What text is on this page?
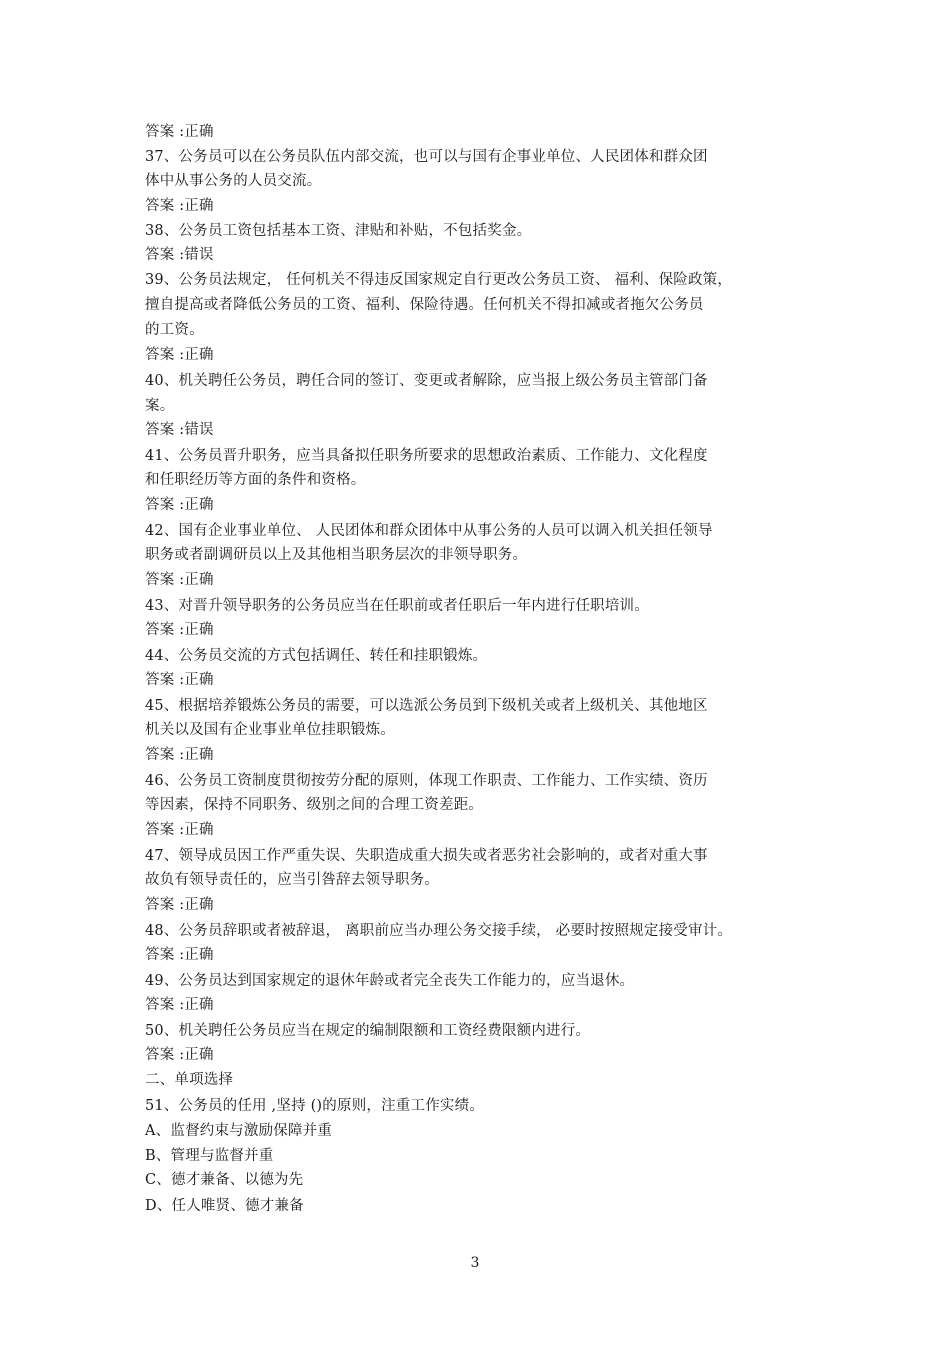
答案 :正确
37、公务员可以在公务员队伍内部交流，也可以与国有企事业单位、人民团体和群众团
体中从事公务的人员交流。
答案 :正确
38、公务员工资包括基本工资、津贴和补贴，不包括奖金。
答案 :错误
39、公务员法规定， 任何机关不得违反国家规定自行更改公务员工资、 福利、保险政策，
擅自提高或者降低公务员的工资、福利、保险待遇。任何机关不得扣减或者拖欠公务员
的工资。
答案 :正确
40、机关聘任公务员，聘任合同的签订、变更或者解除，应当报上级公务员主管部门备
案。
答案 :错误
41、公务员晋升职务，应当具备拟任职务所要求的思想政治素质、工作能力、文化程度
和任职经历等方面的条件和资格。
答案 :正确
42、国有企业事业单位、 人民团体和群众团体中从事公务的人员可以调入机关担任领导
职务或者副调研员以上及其他相当职务层次的非领导职务。
答案 :正确
43、对晋升领导职务的公务员应当在任职前或者任职后一年内进行任职培训。
答案 :正确
44、公务员交流的方式包括调任、转任和挂职锻炼。
答案 :正确
45、根据培养锻炼公务员的需要，可以选派公务员到下级机关或者上级机关、其他地区
机关以及国有企业事业单位挂职锻炼。
答案 :正确
46、公务员工资制度贯彻按劳分配的原则，体现工作职责、工作能力、工作实绩、资历
等因素，保持不同职务、级别之间的合理工资差距。
答案 :正确
47、领导成员因工作严重失误、失职造成重大损失或者恶劣社会影响的，或者对重大事
故负有领导责任的，应当引咎辞去领导职务。
答案 :正确
48、公务员辞职或者被辞退， 离职前应当办理公务交接手续， 必要时按照规定接受审计。
答案 :正确
49、公务员达到国家规定的退休年龄或者完全丧失工作能力的，应当退休。
答案 :正确
50、机关聘任公务员应当在规定的编制限额和工资经费限额内进行。
答案 :正确
二、单项选择
51、公务员的任用 ,坚持 ()的原则，注重工作实绩。
A、监督约束与激励保障并重
B、管理与监督并重
C、德才兼备、以德为先
D、任人唯贤、德才兼备
3
